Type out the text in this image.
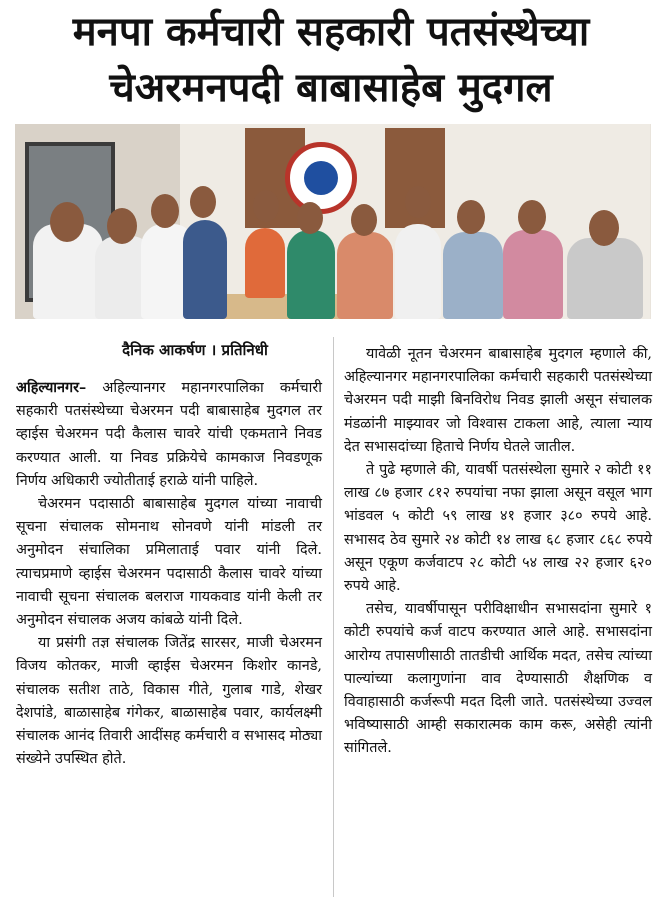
मनपा कर्मचारी सहकारी पतसंस्थेच्या
चेअरमनपदी बाबासाहेब मुदगल
दैनिक आकर्षण । प्रतिनिधी

अहिल्यानगर– अहिल्यानगर महानगरपालिका कर्मचारी सहकारी पतसंस्थेच्या चेअरमन पदी बाबासाहेब मुदगल तर व्हाईस चेअरमन पदी कैलास चावरे यांची एकमताने निवड करण्यात आली. या निवड प्रक्रियेचे कामकाज निवडणूक निर्णय अधिकारी ज्योतीताई हराळे यांनी पाहिले.

चेअरमन पदासाठी बाबासाहेब मुदगल यांच्या नावाची सूचना संचालक सोमनाथ सोनवणे यांनी मांडली तर अनुमोदन संचालिका प्रमिलाताई पवार यांनी दिले. त्याचप्रमाणे व्हाईस चेअरमन पदासाठी कैलास चावरे यांच्या नावाची सूचना संचालक बलराज गायकवाड यांनी केली तर अनुमोदन संचालक अजय कांबळे यांनी दिले.

या प्रसंगी तज्ञ संचालक जितेंद्र सारसर, माजी चेअरमन विजय कोतकर, माजी व्हाईस चेअरमन किशोर कानडे, संचालक सतीश ताठे, विकास गीते, गुलाब गाडे, शेखर देशपांडे, बाळासाहेब गंगेकर, बाळासाहेब पवार, कार्यलक्ष्मी संचालक आनंद तिवारी आदींसह कर्मचारी व सभासद मोठ्या संख्येने उपस्थित होते.

यावेळी नूतन चेअरमन बाबासाहेब मुदगल म्हणाले की, अहिल्यानगर महानगरपालिका कर्मचारी सहकारी पतसंस्थेच्या चेअरमन पदी माझी बिनविरोध निवड झाली असून संचालक मंडळांनी माझ्यावर जो विश्वास टाकला आहे, त्याला न्याय देत सभासदांच्या हिताचे निर्णय घेतले जातील.

ते पुढे म्हणाले की, यावर्षी पतसंस्थेला सुमारे २ कोटी ११ लाख ८७ हजार ८१२ रुपयांचा नफा झाला असून वसूल भाग भांडवल ५ कोटी ५९ लाख ४१ हजार ३८० रुपये आहे. सभासद ठेव सुमारे २४ कोटी १४ लाख ६८ हजार ८६८ रुपये असून एकूण कर्जवाटप २८ कोटी ५४ लाख २२ हजार ६२० रुपये आहे.

तसेच, यावर्षीपासून परीविक्षाधीन सभासदांना सुमारे १ कोटी रुपयांचे कर्ज वाटप करण्यात आले आहे. सभासदांना आरोग्य तपासणीसाठी तातडीची आर्थिक मदत, तसेच त्यांच्या पाल्यांच्या कलागुणांना वाव देण्यासाठी शैक्षणिक व विवाहासाठी कर्जरूपी मदत दिली जाते. पतसंस्थेच्या उज्वल भविष्यासाठी आम्ही सकारात्मक काम करू, असेही त्यांनी सांगितले.
